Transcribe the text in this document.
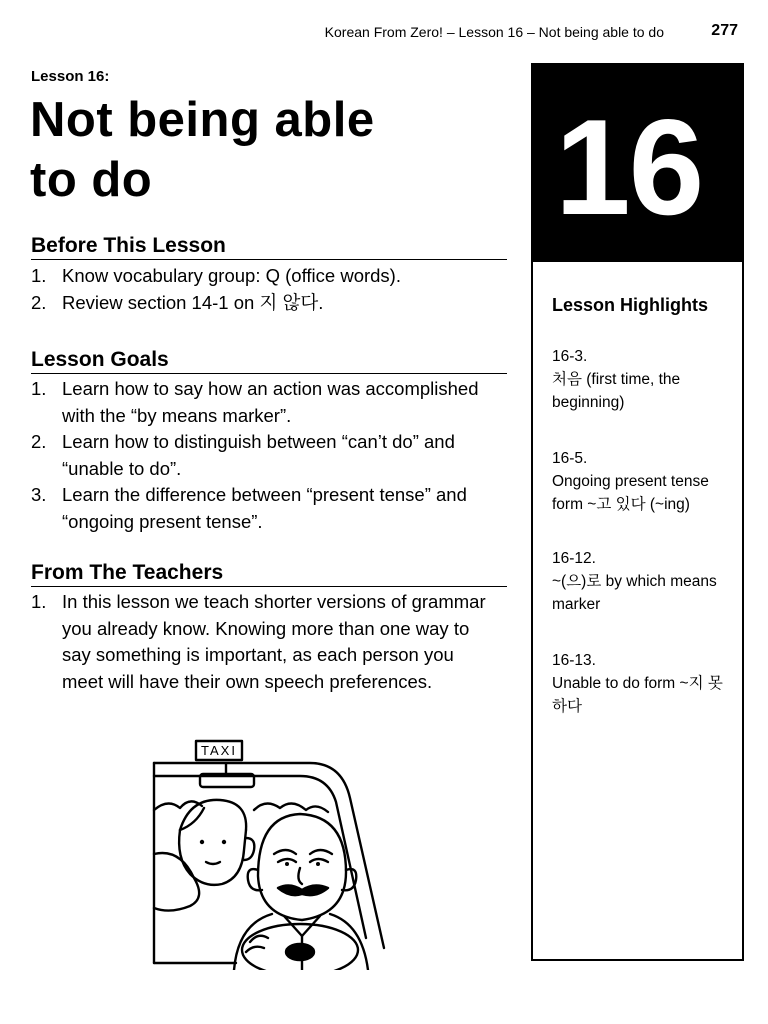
Korean From Zero! – Lesson 16 – Not being able to do	277
Lesson 16:
Not being able
to do
Before This Lesson
1. Know vocabulary group: Q (office words).
2. Review section 14-1 on 지 않다.
Lesson Goals
1. Learn how to say how an action was accomplished with the “by means marker”.
2. Learn how to distinguish between “can’t do” and “unable to do”.
3. Learn the difference between “present tense” and “ongoing present tense”.
From The Teachers
1. In this lesson we teach shorter versions of grammar you already know. Knowing more than one way to say something is important, as each person you meet will have their own speech preferences.
16
Lesson Highlights
16-3.
처음 (first time, the beginning)
16-5.
Ongoing present tense form ~고 있다 (~ing)
16-12.
~(으)로 by which means marker
16-13.
Unable to do form ~지 못하다
TAXI
